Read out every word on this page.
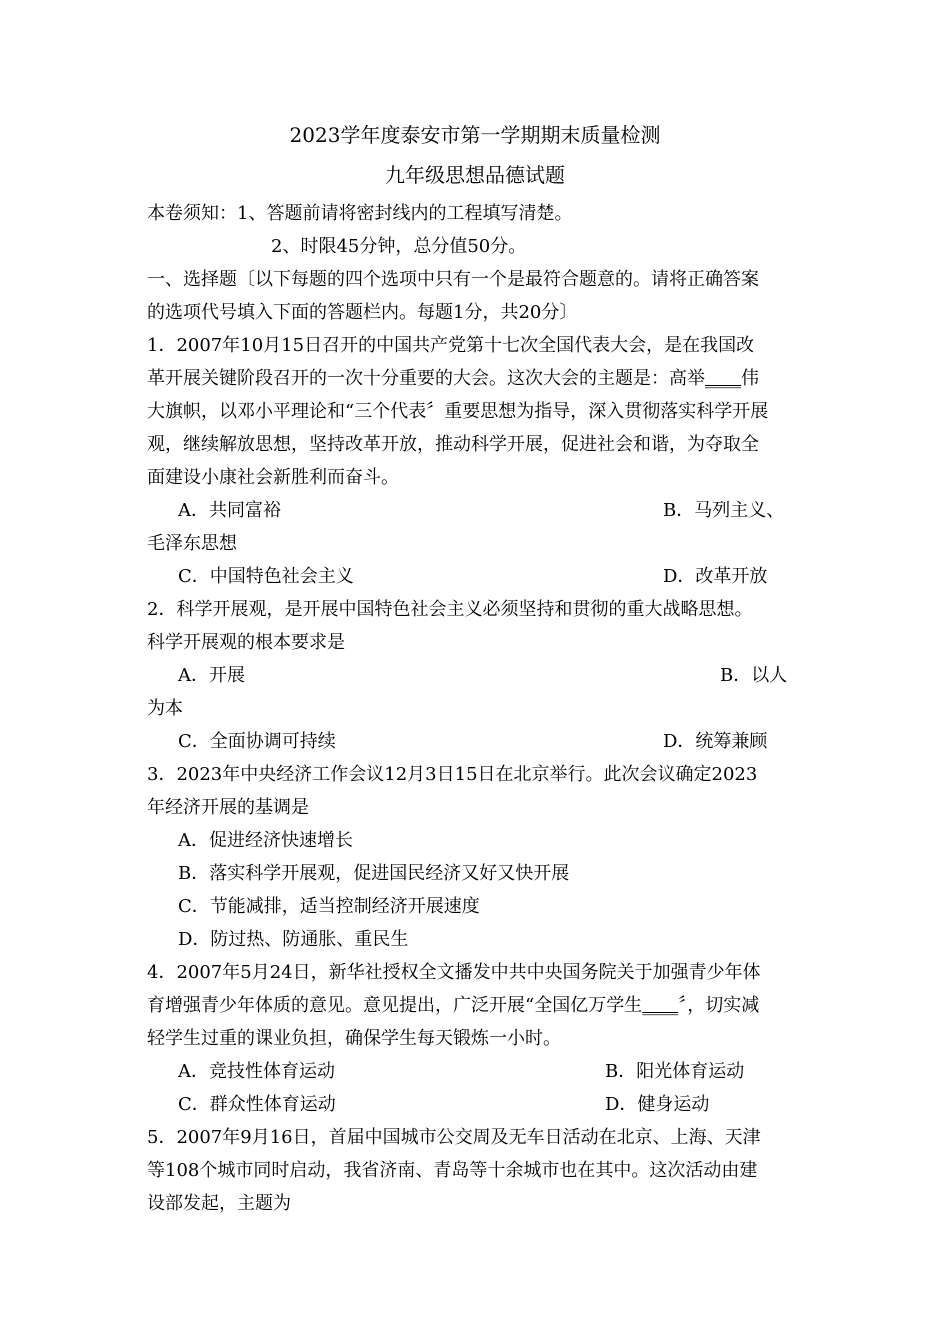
2023学年度泰安市第一学期期末质量检测
九年级思想品德试题
本卷须知：1、答题前请将密封线内的工程填写清楚。
2、时限45分钟，总分值50分。
一、选择题〔以下每题的四个选项中只有一个是最符合题意的。请将正确答案
的选项代号填入下面的答题栏内。每题1分，共20分〕
1．2007年10月15日召开的中国共产党第十七次全国代表大会，是在我国改
革开展关键阶段召开的一次十分重要的大会。这次大会的主题是：高举____伟
大旗帜，以邓小平理论和“三个代表〞重要思想为指导，深入贯彻落实科学开展
观，继续解放思想，坚持改革开放，推动科学开展，促进社会和谐，为夺取全
面建设小康社会新胜利而奋斗。
A．共同富裕	B．马列主义、
毛泽东思想
C．中国特色社会主义	D．改革开放
2．科学开展观，是开展中国特色社会主义必须坚持和贯彻的重大战略思想。
科学开展观的根本要求是
A．开展	B．以人
为本
C．全面协调可持续	D．统筹兼顾
3．2023年中央经济工作会议12月3日15日在北京举行。此次会议确定2023
年经济开展的基调是
A．促进经济快速增长
B．落实科学开展观，促进国民经济又好又快开展
C．节能减排，适当控制经济开展速度
D．防过热、防通胀、重民生
4．2007年5月24日，新华社授权全文播发中共中央国务院关于加强青少年体
育增强青少年体质的意见。意见提出，广泛开展“全国亿万学生____〞，切实减
轻学生过重的课业负担，确保学生每天锻炼一小时。
A．竞技性体育运动	B．阳光体育运动
C．群众性体育运动	D．健身运动
5．2007年9月16日，首届中国城市公交周及无车日活动在北京、上海、天津
等108个城市同时启动，我省济南、青岛等十余城市也在其中。这次活动由建
设部发起，主题为
